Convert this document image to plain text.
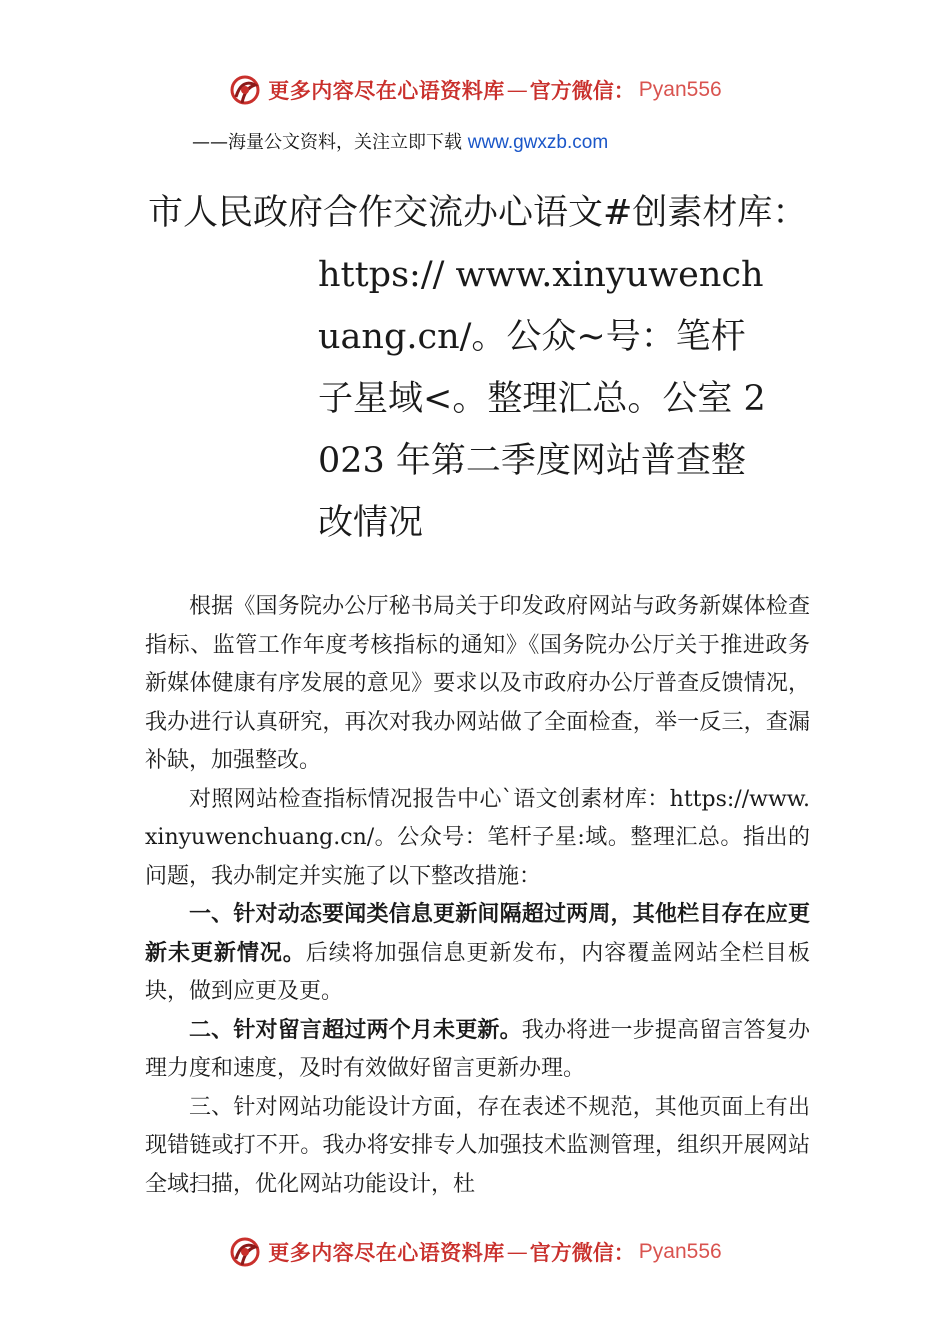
更多内容尽在心语资料库 — 官方微信： Pyan556
——海量公文资料，关注立即下载 www.gwxzb.com
市人民政府合作交流办心语文#创素材库：
https:// www.xinyuwenchuang.cn/。公众~号：笔杆子星域<。整理汇总。公室 2023 年第二季度网站普查整改情况

根据《国务院办公厅秘书局关于印发政府网站与政务新媒体检查指标、监管工作年度考核指标的通知》《国务院办公厅关于推进政务新媒体健康有序发展的意见》要求以及市政府办公厅普查反馈情况，我办进行认真研究，再次对我办网站做了全面检查，举一反三，查漏补缺，加强整改。

对照网站检查指标情况报告中心`语文创素材库：https://www.xinyuwenchuang.cn/。公众号：笔杆子星:域。整理汇总。指出的问题，我办制定并实施了以下整改措施：

一、针对动态要闻类信息更新间隔超过两周，其他栏目存在应更新未更新情况。后续将加强信息更新发布，内容覆盖网站全栏目板块，做到应更及更。

二、针对留言超过两个月未更新。我办将进一步提高留言答复办理力度和速度，及时有效做好留言更新办理。

三、针对网站功能设计方面，存在表述不规范，其他页面上有出现错链或打不开。我办将安排专人加强技术监测管理，组织开展网站全域扫描，优化网站功能设计，杜

更多内容尽在心语资料库 — 官方微信： Pyan556
